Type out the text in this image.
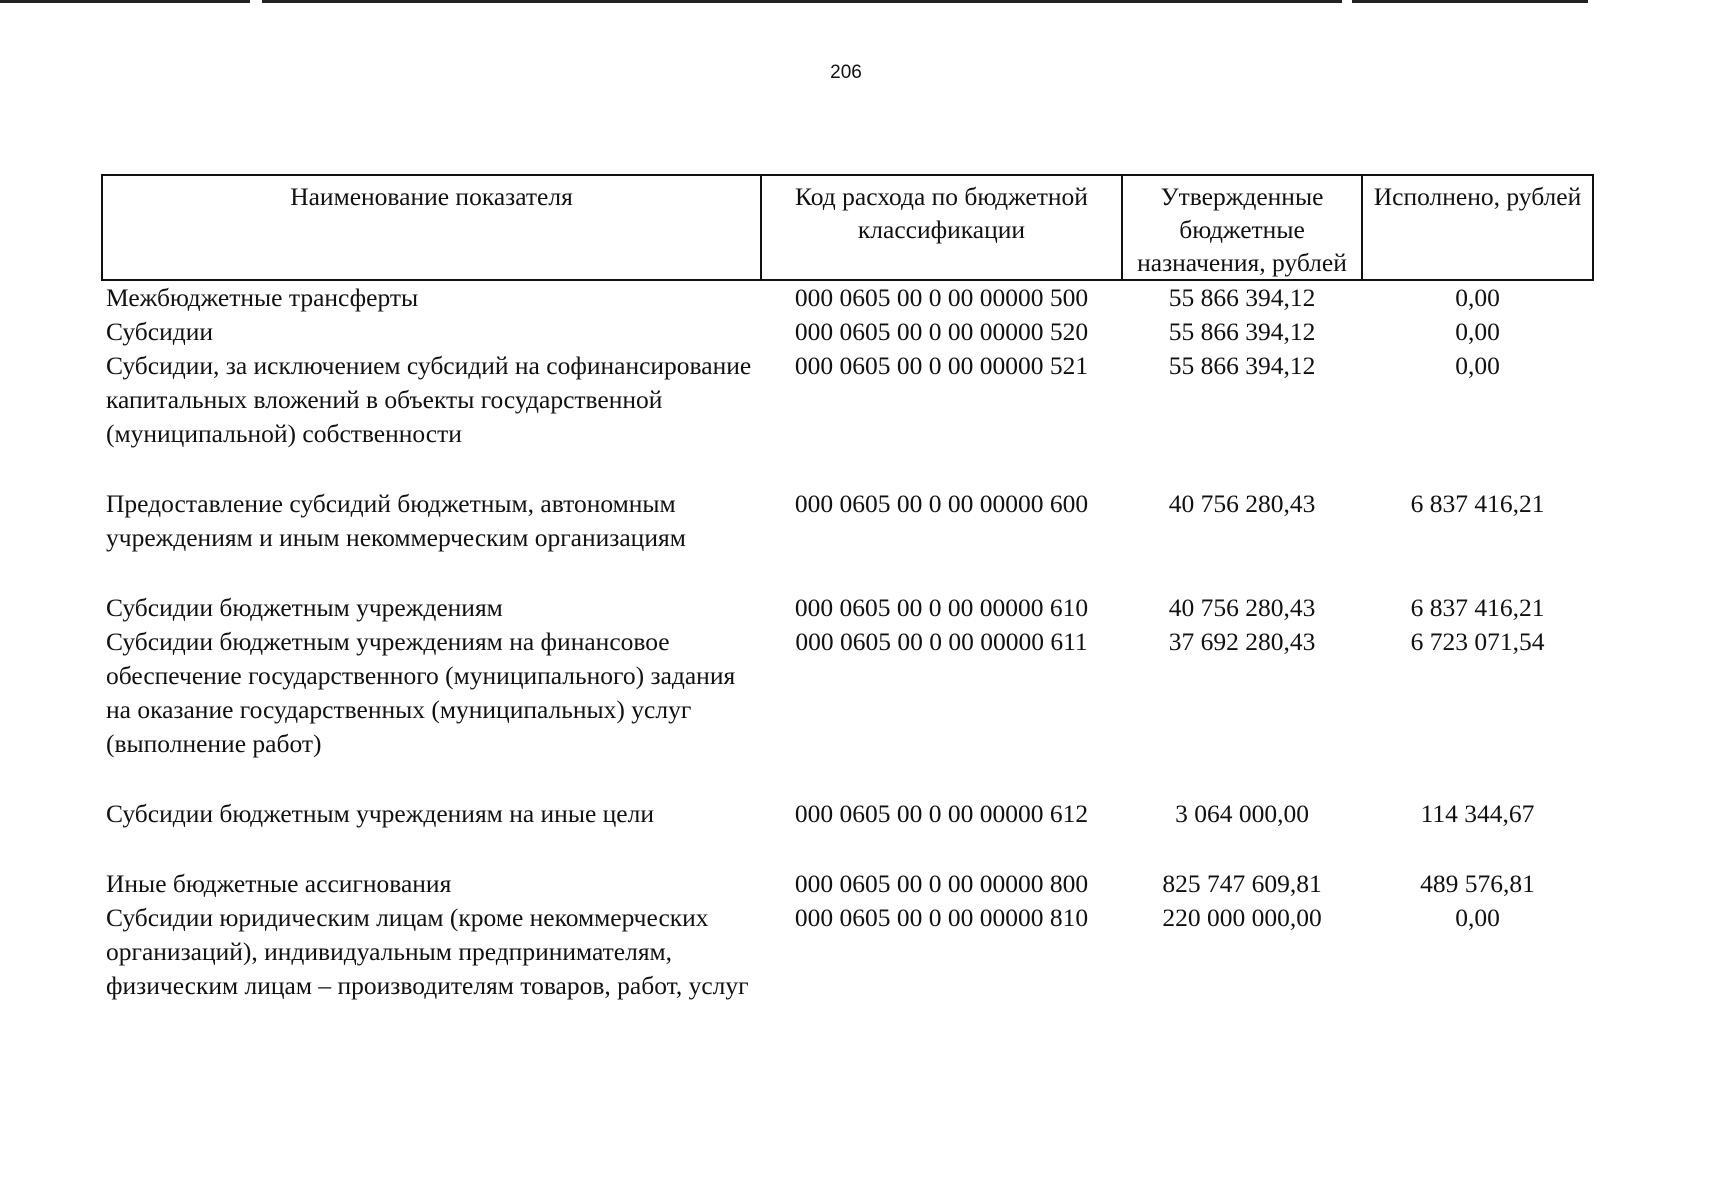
206
Наименование показателя	Код расхода по бюджетной классификации	Утвержденные бюджетные назначения, рублей	Исполнено, рублей
Межбюджетные трансферты	000 0605 00 0 00 00000 500	55 866 394,12	0,00
Субсидии	000 0605 00 0 00 00000 520	55 866 394,12	0,00
Субсидии, за исключением субсидий на софинансирование капитальных вложений в объекты государственной (муниципальной) собственности	000 0605 00 0 00 00000 521	55 866 394,12	0,00
Предоставление субсидий бюджетным, автономным учреждениям и иным некоммерческим организациям	000 0605 00 0 00 00000 600	40 756 280,43	6 837 416,21
Субсидии бюджетным учреждениям	000 0605 00 0 00 00000 610	40 756 280,43	6 837 416,21
Субсидии бюджетным учреждениям на финансовое обеспечение государственного (муниципального) задания на оказание государственных (муниципальных) услуг (выполнение работ)	000 0605 00 0 00 00000 611	37 692 280,43	6 723 071,54
Субсидии бюджетным учреждениям на иные цели	000 0605 00 0 00 00000 612	3 064 000,00	114 344,67
Иные бюджетные ассигнования	000 0605 00 0 00 00000 800	825 747 609,81	489 576,81
Субсидии юридическим лицам (кроме некоммерческих организаций), индивидуальным предпринимателям, физическим лицам – производителям товаров, работ, услуг	000 0605 00 0 00 00000 810	220 000 000,00	0,00
